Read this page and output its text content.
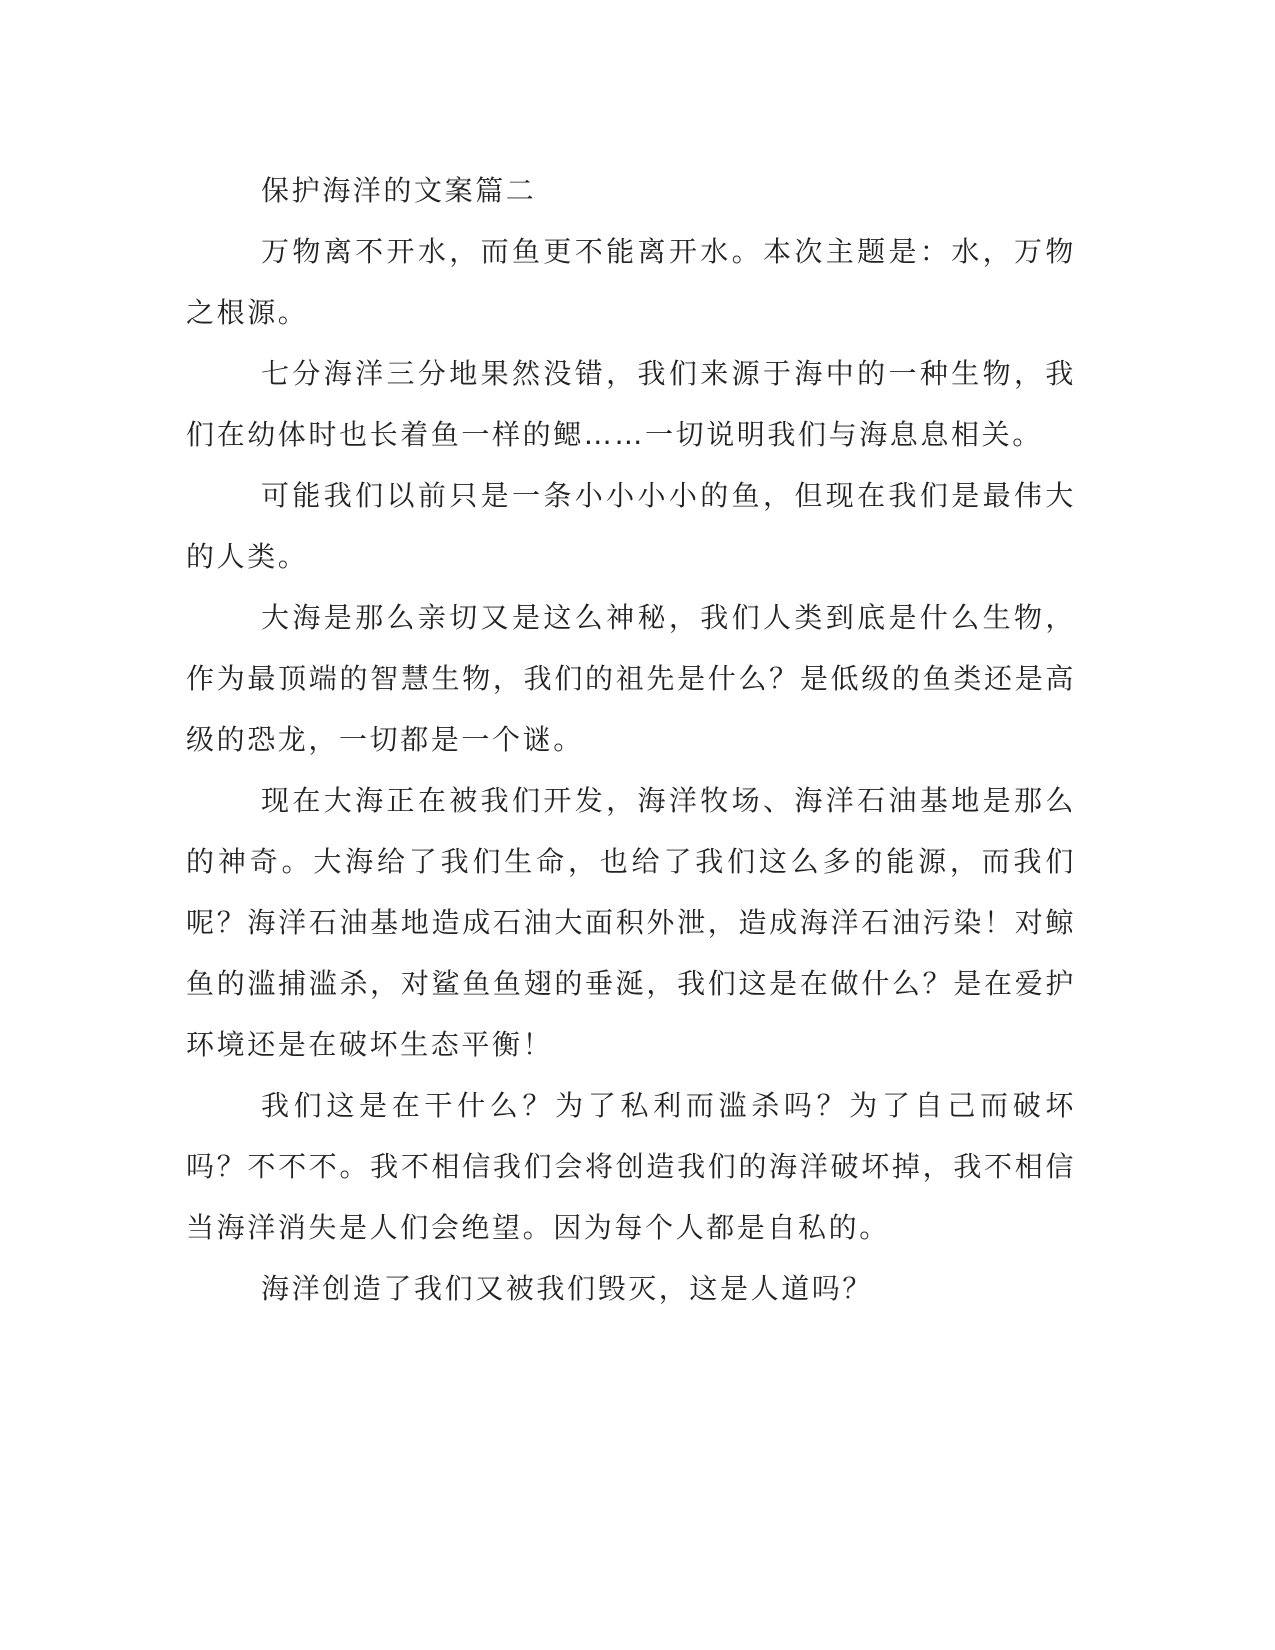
保护海洋的文案篇二

万物离不开水，而鱼更不能离开水。本次主题是：水，万物之根源。

七分海洋三分地果然没错，我们来源于海中的一种生物，我们在幼体时也长着鱼一样的鳃……一切说明我们与海息息相关。

可能我们以前只是一条小小小小的鱼，但现在我们是最伟大的人类。

大海是那么亲切又是这么神秘，我们人类到底是什么生物，作为最顶端的智慧生物，我们的祖先是什么？是低级的鱼类还是高级的恐龙，一切都是一个谜。

现在大海正在被我们开发，海洋牧场、海洋石油基地是那么的神奇。大海给了我们生命，也给了我们这么多的能源，而我们呢？海洋石油基地造成石油大面积外泄，造成海洋石油污染！对鲸鱼的滥捕滥杀，对鲨鱼鱼翅的垂涎，我们这是在做什么？是在爱护环境还是在破坏生态平衡！

我们这是在干什么？为了私利而滥杀吗？为了自己而破坏吗？不不不。我不相信我们会将创造我们的海洋破坏掉，我不相信当海洋消失是人们会绝望。因为每个人都是自私的。

海洋创造了我们又被我们毁灭，这是人道吗？
